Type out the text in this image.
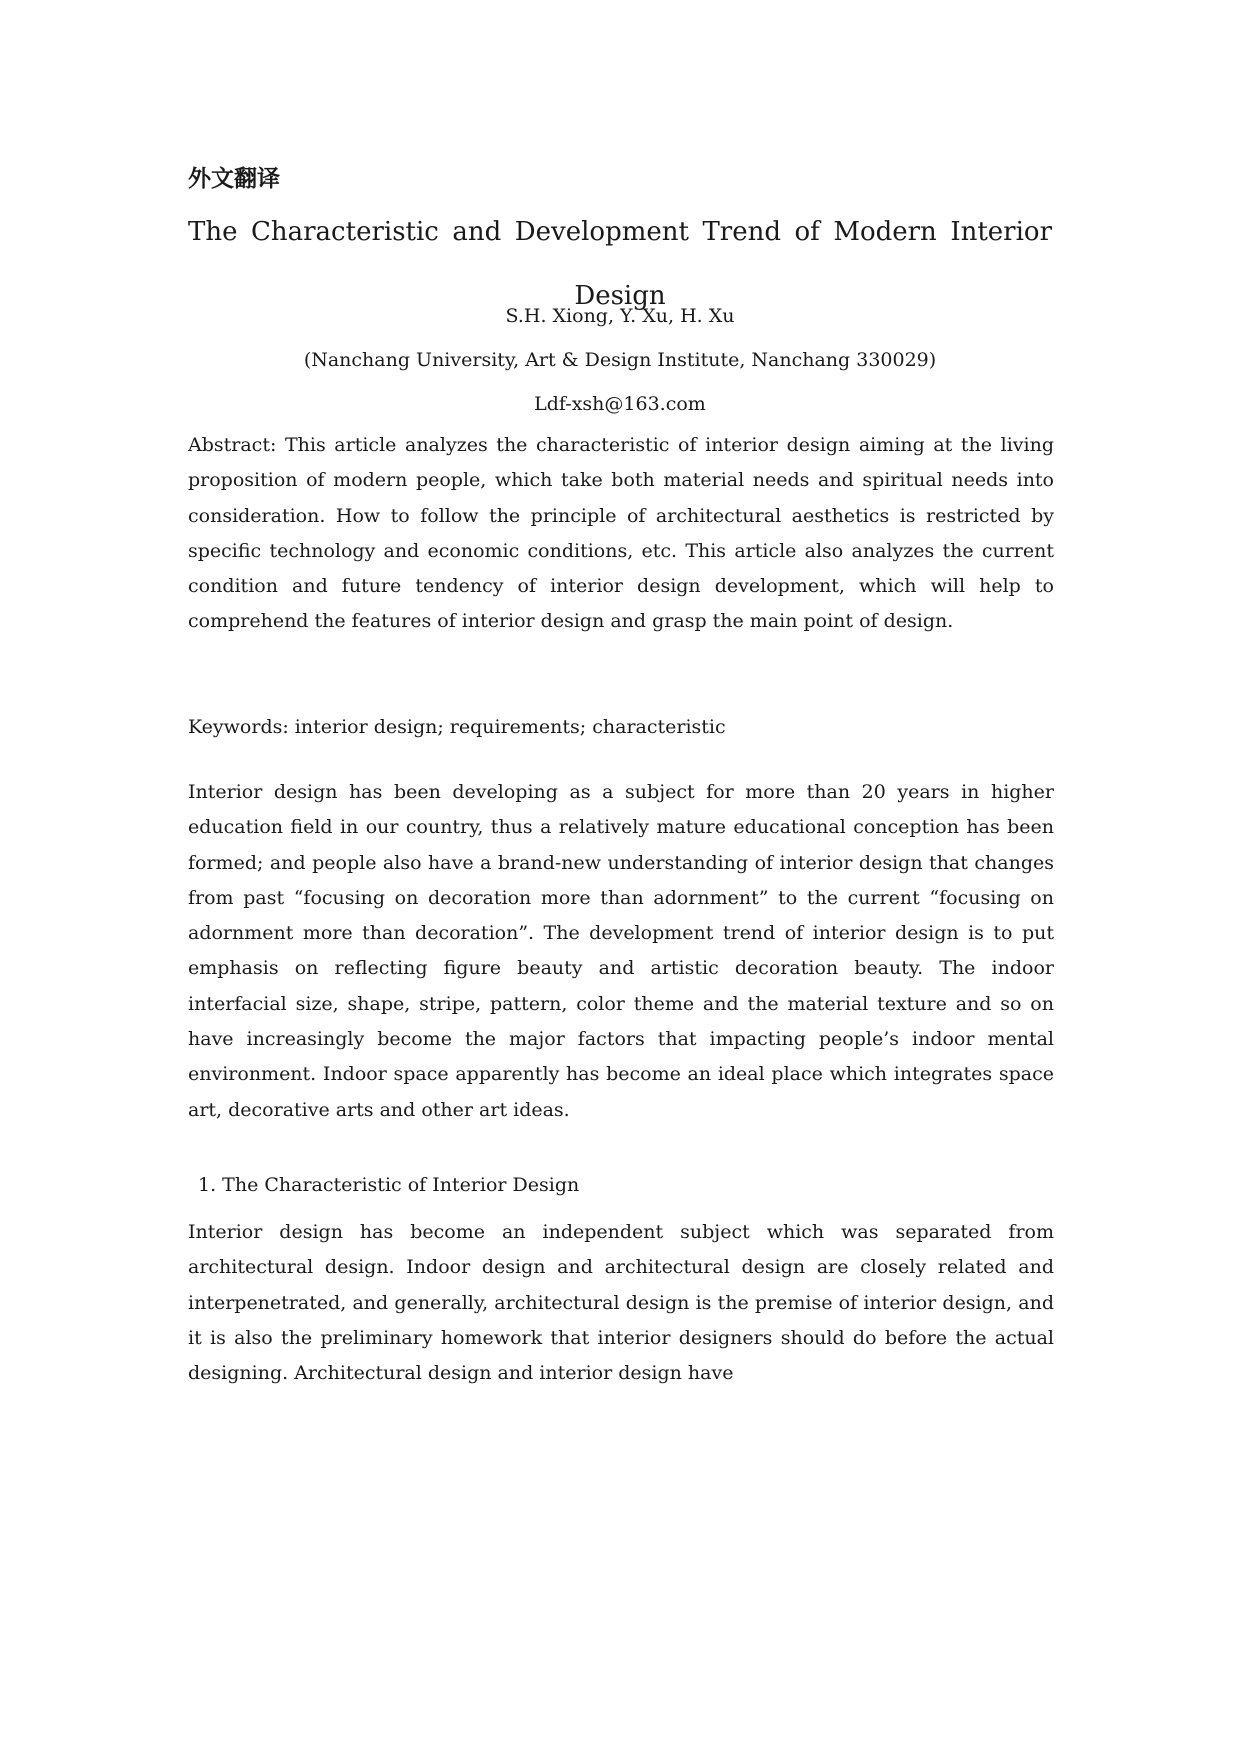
外文翻译
The Characteristic and Development Trend of Modern Interior
Design

S.H. Xiong, Y. Xu, H. Xu

(Nanchang University, Art & Design Institute, Nanchang 330029)

Ldf-xsh@163.com

Abstract: This article analyzes the characteristic of interior design aiming at the living proposition of modern people, which take both material needs and spiritual needs into consideration. How to follow the principle of architectural aesthetics is restricted by specific technology and economic conditions, etc. This article also analyzes the current condition and future tendency of interior design development, which will help to comprehend the features of interior design and grasp the main point of design.

Keywords: interior design; requirements; characteristic

Interior design has been developing as a subject for more than 20 years in higher education field in our country, thus a relatively mature educational conception has been formed; and people also have a brand-new understanding of interior design that changes from past “focusing on decoration more than adornment” to the current “focusing on adornment more than decoration”. The development trend of interior design is to put emphasis on reflecting figure beauty and artistic decoration beauty. The indoor interfacial size, shape, stripe, pattern, color theme and the material texture and so on have increasingly become the major factors that impacting people’s indoor mental environment. Indoor space apparently has become an ideal place which integrates space art, decorative arts and other art ideas.

1. The Characteristic of Interior Design

Interior design has become an independent subject which was separated from architectural design. Indoor design and architectural design are closely related and interpenetrated, and generally, architectural design is the premise of interior design, and it is also the preliminary homework that interior designers should do before the actual designing. Architectural design and interior design have
